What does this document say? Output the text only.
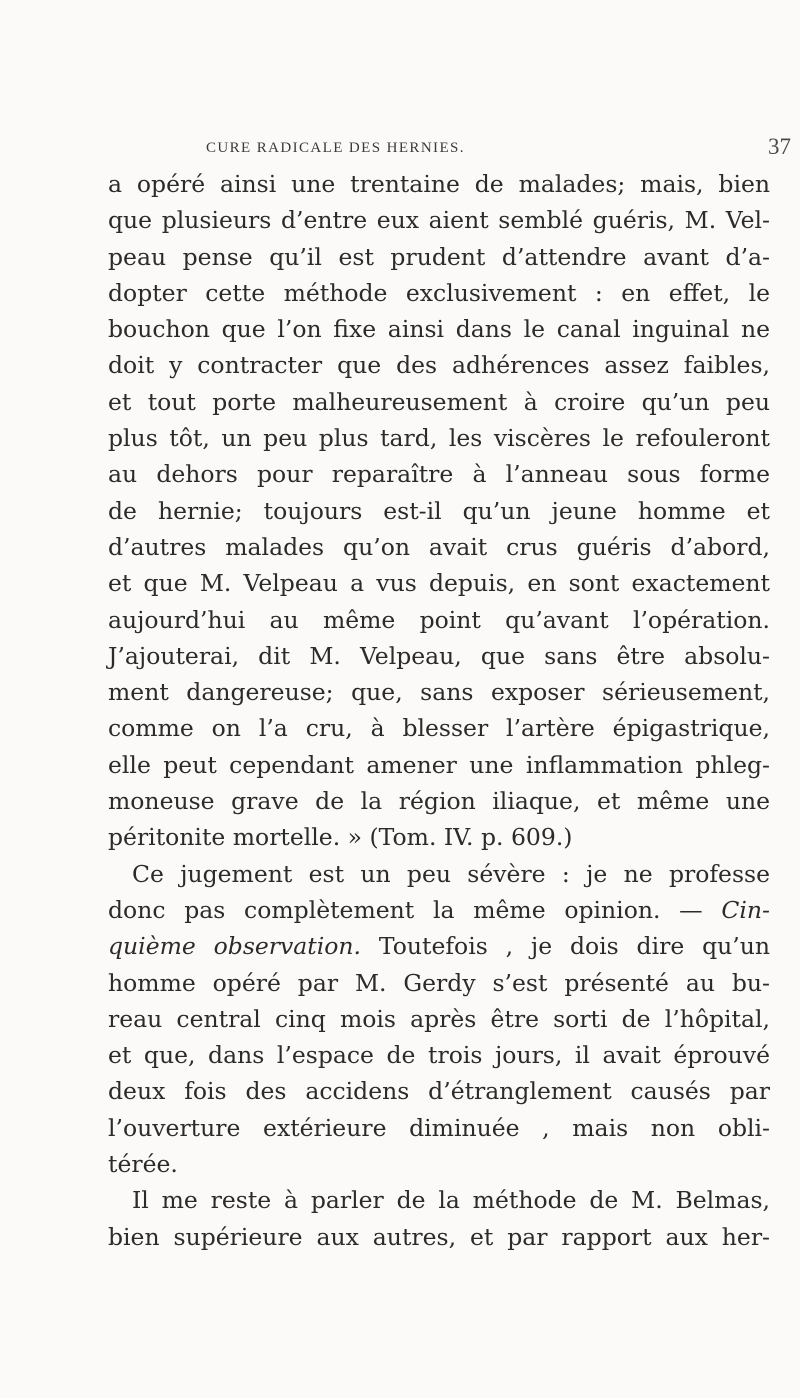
CURE RADICALE DES HERNIES.	37
a opéré ainsi une trentaine de malades; mais, bien
que plusieurs d’entre eux aient semblé guéris, M. Vel-
peau pense qu’il est prudent d’attendre avant d’a-
dopter cette méthode exclusivement : en effet, le
bouchon que l’on fixe ainsi dans le canal inguinal ne
doit y contracter que des adhérences assez faibles,
et tout porte malheureusement à croire qu’un peu
plus tôt, un peu plus tard, les viscères le refouleront
au dehors pour reparaître à l’anneau sous forme
de hernie; toujours est-il qu’un jeune homme et
d’autres malades qu’on avait crus guéris d’abord,
et que M. Velpeau a vus depuis, en sont exactement
aujourd’hui au même point qu’avant l’opération.
J’ajouterai, dit M. Velpeau, que sans être absolu-
ment dangereuse; que, sans exposer sérieusement,
comme on l’a cru, à blesser l’artère épigastrique,
elle peut cependant amener une inflammation phleg-
moneuse grave de la région iliaque, et même une
péritonite mortelle. » (Tom. IV. p. 609.)
Ce jugement est un peu sévère : je ne professe
donc pas complètement la même opinion. — Cin-
quième observation. Toutefois , je dois dire qu’un
homme opéré par M. Gerdy s’est présenté au bu-
reau central cinq mois après être sorti de l’hôpital,
et que, dans l’espace de trois jours, il avait éprouvé
deux fois des accidens d’étranglement causés par
l’ouverture extérieure diminuée , mais non obli-
térée.
Il me reste à parler de la méthode de M. Belmas,
bien supérieure aux autres, et par rapport aux her-
